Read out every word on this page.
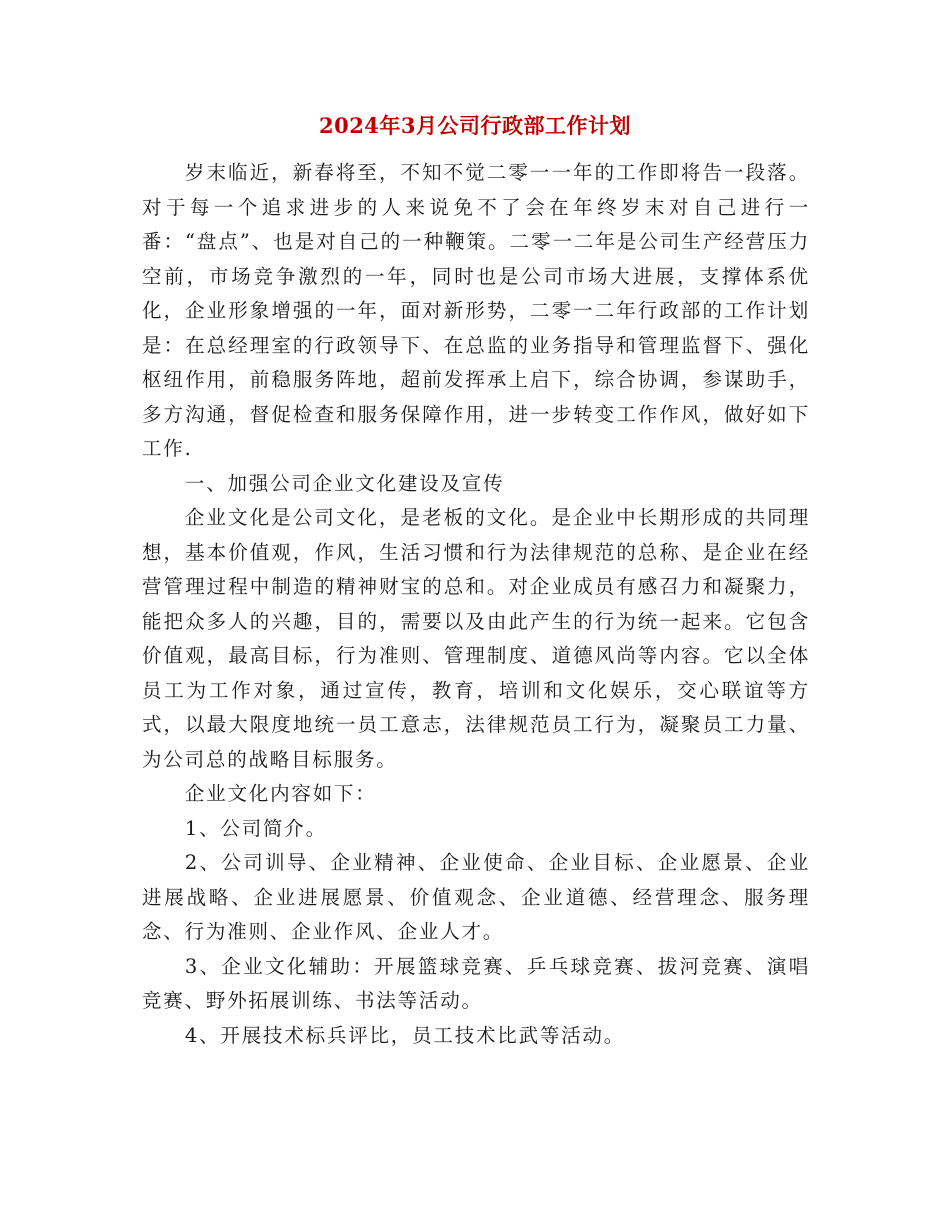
2024年3月公司行政部工作计划

岁末临近，新春将至，不知不觉二零一一年的工作即将告一段落。对于每一个追求进步的人来说免不了会在年终岁末对自己进行一番：“盘点”、也是对自己的一种鞭策。二零一二年是公司生产经营压力空前，市场竞争激烈的一年，同时也是公司市场大进展，支撑体系优化，企业形象增强的一年，面对新形势，二零一二年行政部的工作计划是：在总经理室的行政领导下、在总监的业务指导和管理监督下、强化枢纽作用，前稳服务阵地，超前发挥承上启下，综合协调，参谋助手，多方沟通，督促检查和服务保障作用，进一步转变工作作风，做好如下工作.

一、加强公司企业文化建设及宣传

企业文化是公司文化，是老板的文化。是企业中长期形成的共同理想，基本价值观，作风，生活习惯和行为法律规范的总称、是企业在经营管理过程中制造的精神财宝的总和。对企业成员有感召力和凝聚力，能把众多人的兴趣，目的，需要以及由此产生的行为统一起来。它包含价值观，最高目标，行为准则、管理制度、道德风尚等内容。它以全体员工为工作对象，通过宣传，教育，培训和文化娱乐，交心联谊等方式，以最大限度地统一员工意志，法律规范员工行为，凝聚员工力量、为公司总的战略目标服务。

企业文化内容如下：

1、公司简介。

2、公司训导、企业精神、企业使命、企业目标、企业愿景、企业进展战略、企业进展愿景、价值观念、企业道德、经营理念、服务理念、行为准则、企业作风、企业人才。

3、企业文化辅助：开展篮球竞赛、乒乓球竞赛、拔河竞赛、演唱竞赛、野外拓展训练、书法等活动。

4、开展技术标兵评比，员工技术比武等活动。
